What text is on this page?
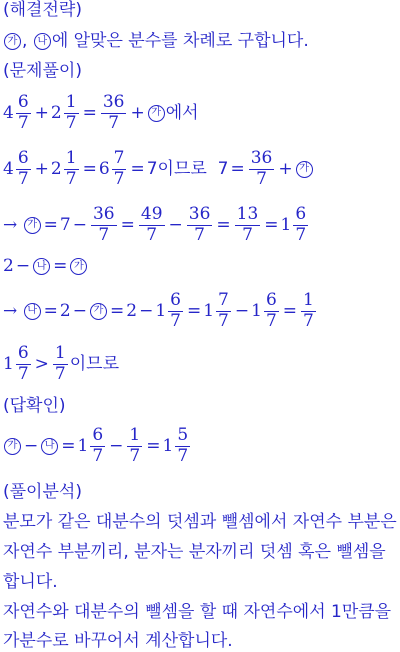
(해결전략)
가 ,
	나 에 알맞은 분수를 차례로 구합니다.
(문제풀이)
$4 \frac{6}{7} + 2 \frac{1}{7} = \frac{36}{7}$ + 가 에서
$4 \frac{6}{7} + 2 \frac{1}{7} = 6 \frac{7}{7} = 7$이므로  $7 = \frac{36}{7}$ + 가
→
	가 = $7 - \frac{36}{7} = \frac{49}{7} - \frac{36}{7} = \frac{13}{7} = 1 \frac{6}{7}$
2 − 나 = 가
→
	나 = 2 − 가 = $2 - 1 \frac{6}{7} = 1 \frac{7}{7} - 1 \frac{6}{7} = \frac{1}{7}$
$1 \frac{6}{7} > \frac{1}{7}$ 이므로
(답확인)
가 − 나 = $1 \frac{6}{7} - \frac{1}{7} = 1 \frac{5}{7}$
(풀이분석)
분모가 같은 대분수의 덧셈과 뺄셈에서 자연수 부분은
자연수 부분끼리, 분자는 분자끼리 덧셈 혹은 뺄셈을
합니다.
자연수와 대분수의 뺄셈을 할 때 자연수에서 1만큼을
가분수로 바꾸어서 계산합니다.
